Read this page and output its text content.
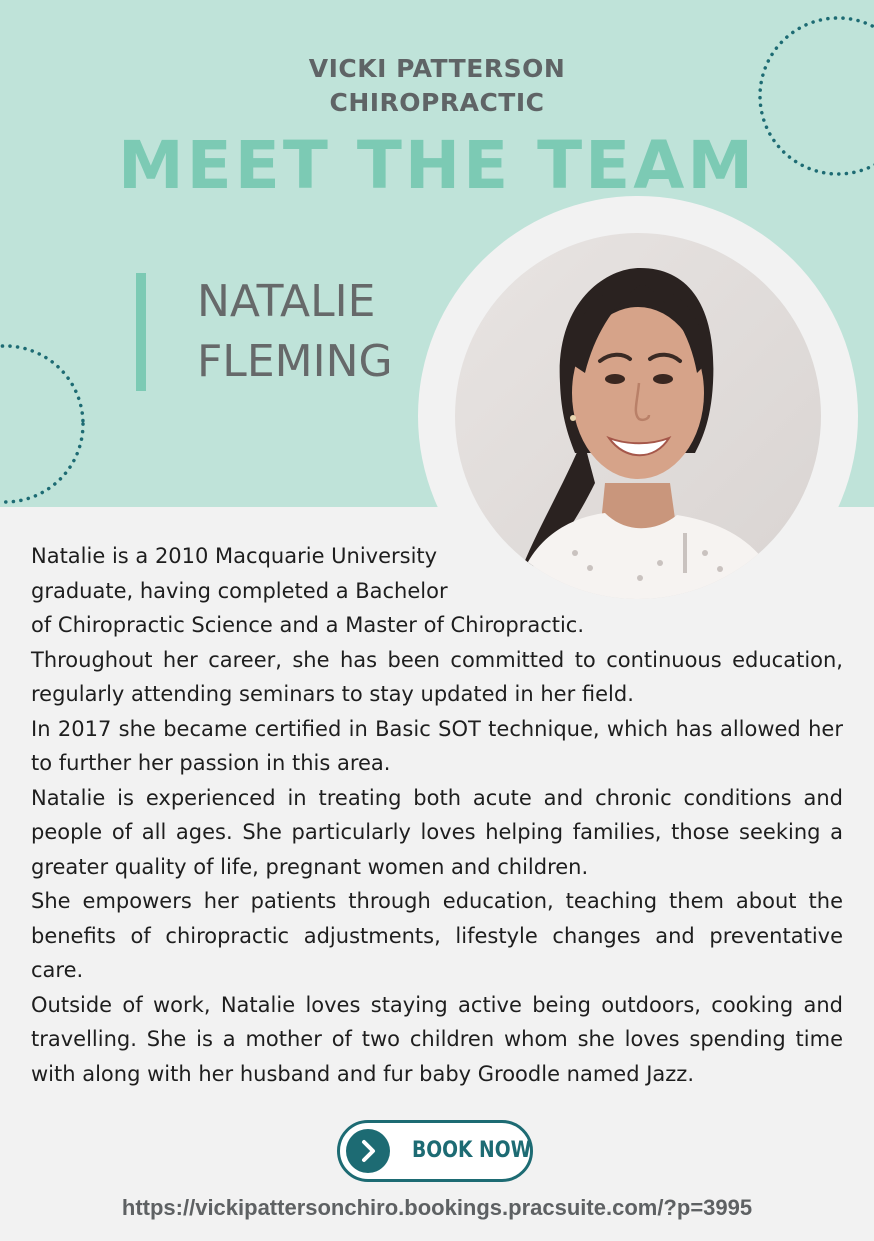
VICKI PATTERSON
CHIROPRACTIC
MEET THE TEAM
NATALIE
FLEMING

Natalie is a 2010 Macquarie University graduate, having completed a Bachelor

of Chiropractic Science and a Master of Chiropractic.

Throughout her career, she has been committed to continuous education, regularly attending seminars to stay updated in her field.

In 2017 she became certified in Basic SOT technique, which has allowed her to further her passion in this area.

Natalie is experienced in treating both acute and chronic conditions and people of all ages. She particularly loves helping families, those seeking a greater quality of life, pregnant women and children.

She empowers her patients through education, teaching them about the benefits of chiropractic adjustments, lifestyle changes and preventative care.

Outside of work, Natalie loves staying active being outdoors, cooking and travelling. She is a mother of two children whom she loves spending time with along with her husband and fur baby Groodle named Jazz.

BOOK NOW
https://vickipattersonchiro.bookings.pracsuite.com/?p=3995
